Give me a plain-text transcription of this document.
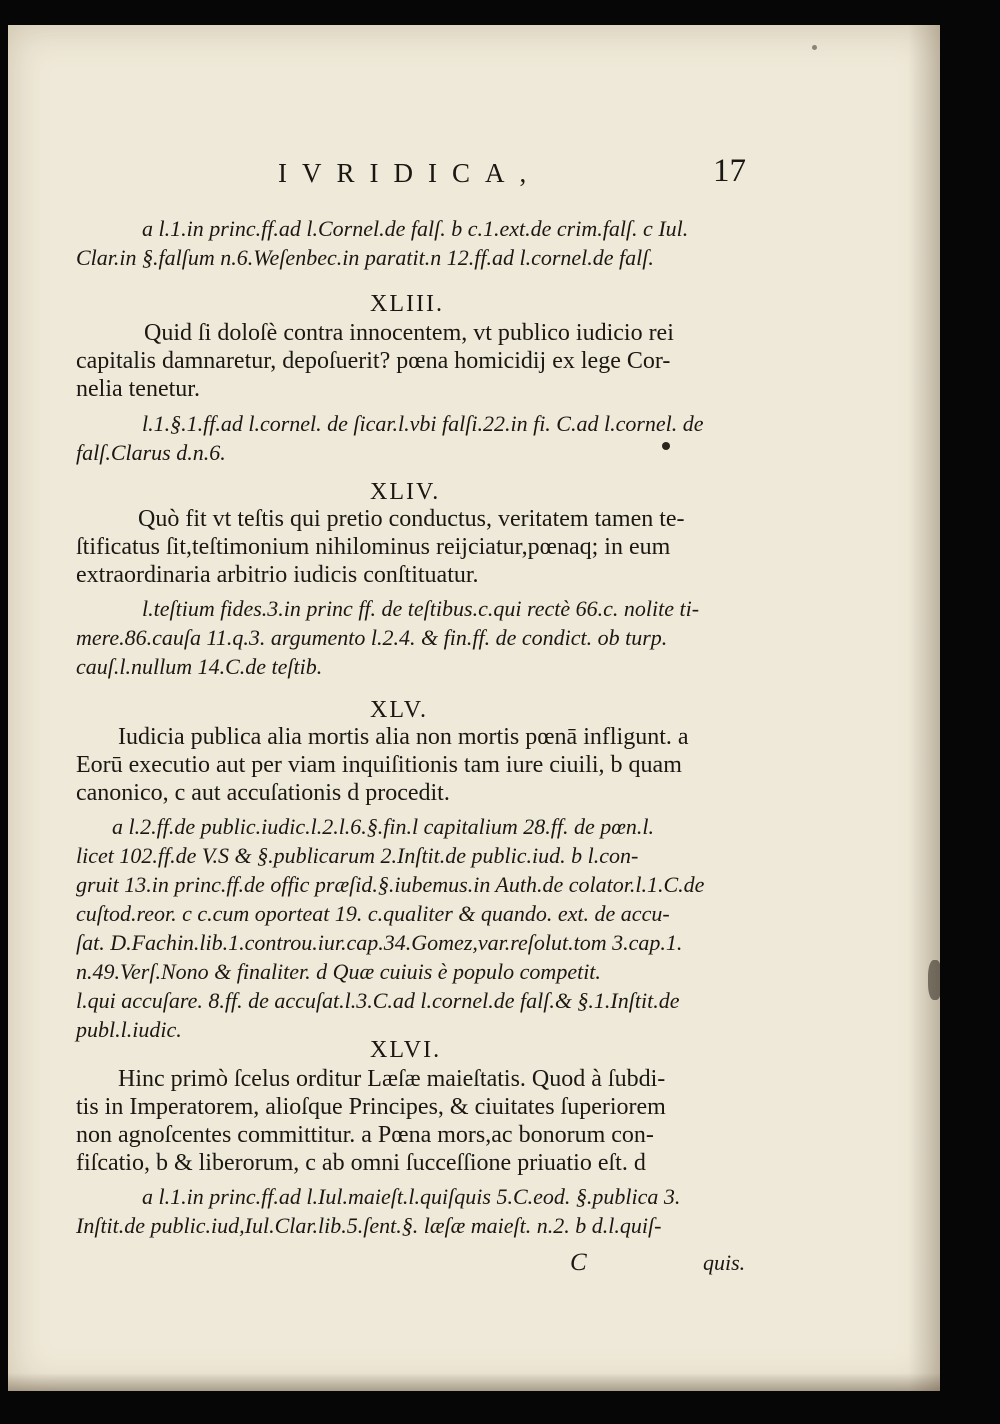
IVRIDICA,	17
a l.1.in princ.ff.ad l.Cornel.de falſ. b c.1.ext.de crim.falſ. c Iul.
Clar.in §.falſum n.6.Weſenbec.in paratit.n 12.ff.ad l.cornel.de falſ.
XLIII.
Quid ſi doloſè contra innocentem, vt publico iudicio rei
capitalis damnaretur, depoſuerit? pœna homicidij ex lege Cor-
nelia tenetur.
l.1.§.1.ff.ad l.cornel. de ſicar.l.vbi falſi.22.in fi. C.ad l.cornel. de
falſ.Clarus d.n.6.
XLIV.
Quò fit vt teſtis qui pretio conductus, veritatem tamen te-
ſtificatus ſit,teſtimonium nihilominus reijciatur,pœnaq; in eum
extraordinaria arbitrio iudicis conſtituatur.
l.teſtium fides.3.in princ ff. de teſtibus.c.qui rectè 66.c. nolite ti-
mere.86.cauſa 11.q.3. argumento l.2.4. & fin.ff. de condict. ob turp.
cauſ.l.nullum 14.C.de teſtib.
XLV.
Iudicia publica alia mortis alia non mortis pœnā infligunt. a
Eorū executio aut per viam inquiſitionis tam iure ciuili, b quam
canonico, c aut accuſationis d procedit.
a l.2.ff.de public.iudic.l.2.l.6.§.fin.l capitalium 28.ff. de pœn.l.
licet 102.ff.de V.S & §.publicarum 2.Inſtit.de public.iud. b l.con-
gruit 13.in princ.ff.de offic præſid.§.iubemus.in Auth.de colator.l.1.C.de
cuſtod.reor. c c.cum oporteat 19. c.qualiter & quando. ext. de accu-
ſat. D.Fachin.lib.1.controu.iur.cap.34.Gomez,var.reſolut.tom 3.cap.1.
n.49.Verſ.Nono & finaliter. d Quæ cuiuis è populo competit.
l.qui accuſare. 8.ff. de accuſat.l.3.C.ad l.cornel.de falſ.& §.1.Inſtit.de
publ.l.iudic.
XLVI.
Hinc primò ſcelus orditur Læſæ maieſtatis. Quod à ſubdi-
tis in Imperatorem, alioſque Principes, & ciuitates ſuperiorem
non agnoſcentes committitur. a Pœna mors,ac bonorum con-
fiſcatio, b & liberorum, c ab omni ſucceſſione priuatio eſt. d
a l.1.in princ.ff.ad l.Iul.maieſt.l.quiſquis 5.C.eod. §.publica 3.
Inſtit.de public.iud,Iul.Clar.lib.5.ſent.§. læſæ maieſt. n.2. b d.l.quiſ-
C	quis.
